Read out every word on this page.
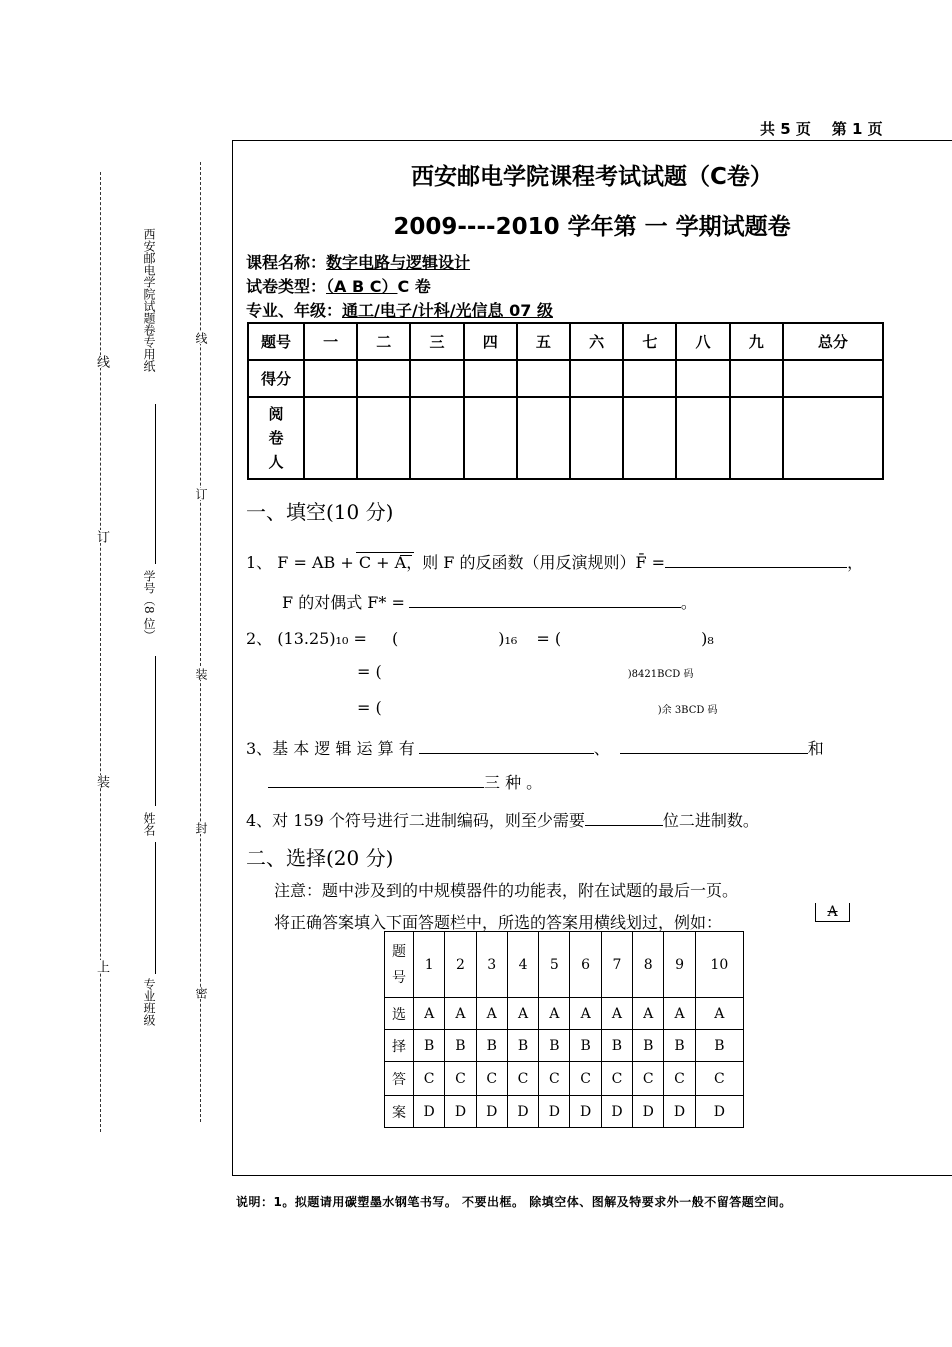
线
订
装
上
西安邮电学院试题卷专用纸
学号（8 位）
姓名
专业班级
线
订
装
封
密
共 5 页    第 1 页
西安邮电学院课程考试试题（C卷）
2009----2010 学年第 一 学期试题卷
课程名称：数字电路与逻辑设计
试卷类型：（A B C）C 卷
专业、年级：通工/电子/计科/光信息 07 级
题号	一	二	三	四	五	六	七	八	九	总分
得分										

阅卷人										

一、填空(10 分)
1、 F = AB + C + A
，则 F 的反函数（用反演规则）F̄ =	，
F 的对偶式 F* =	。
2、 (13.25)₁₀ = (	)₁₆ = (	)₈
= (	)8421BCD 码
= (	)余 3BCD 码
3、基 本 逻 辑 运 算 有	、	和
三 种 。
4、对 159 个符号进行二进制编码，则至少需要	位二进制数。
二、选择(20 分)
注意：题中涉及到的中规模器件的功能表，附在试题的最后一页。
将正确答案填入下面答题栏中，所选的答案用横线划过，例如：
A
题号	1	2	3	4	5	6	7	8	9	10
选	A	A	A	A	A	A	A	A	A	A
择	B	B	B	B	B	B	B	B	B	B
答	C	C	C	C	C	C	C	C	C	C
案	D	D	D	D	D	D	D	D	D	D
说明：1。拟题请用碳塑墨水钢笔书写。 不要出框。 除填空体、图解及特要求外一般不留答题空间。
